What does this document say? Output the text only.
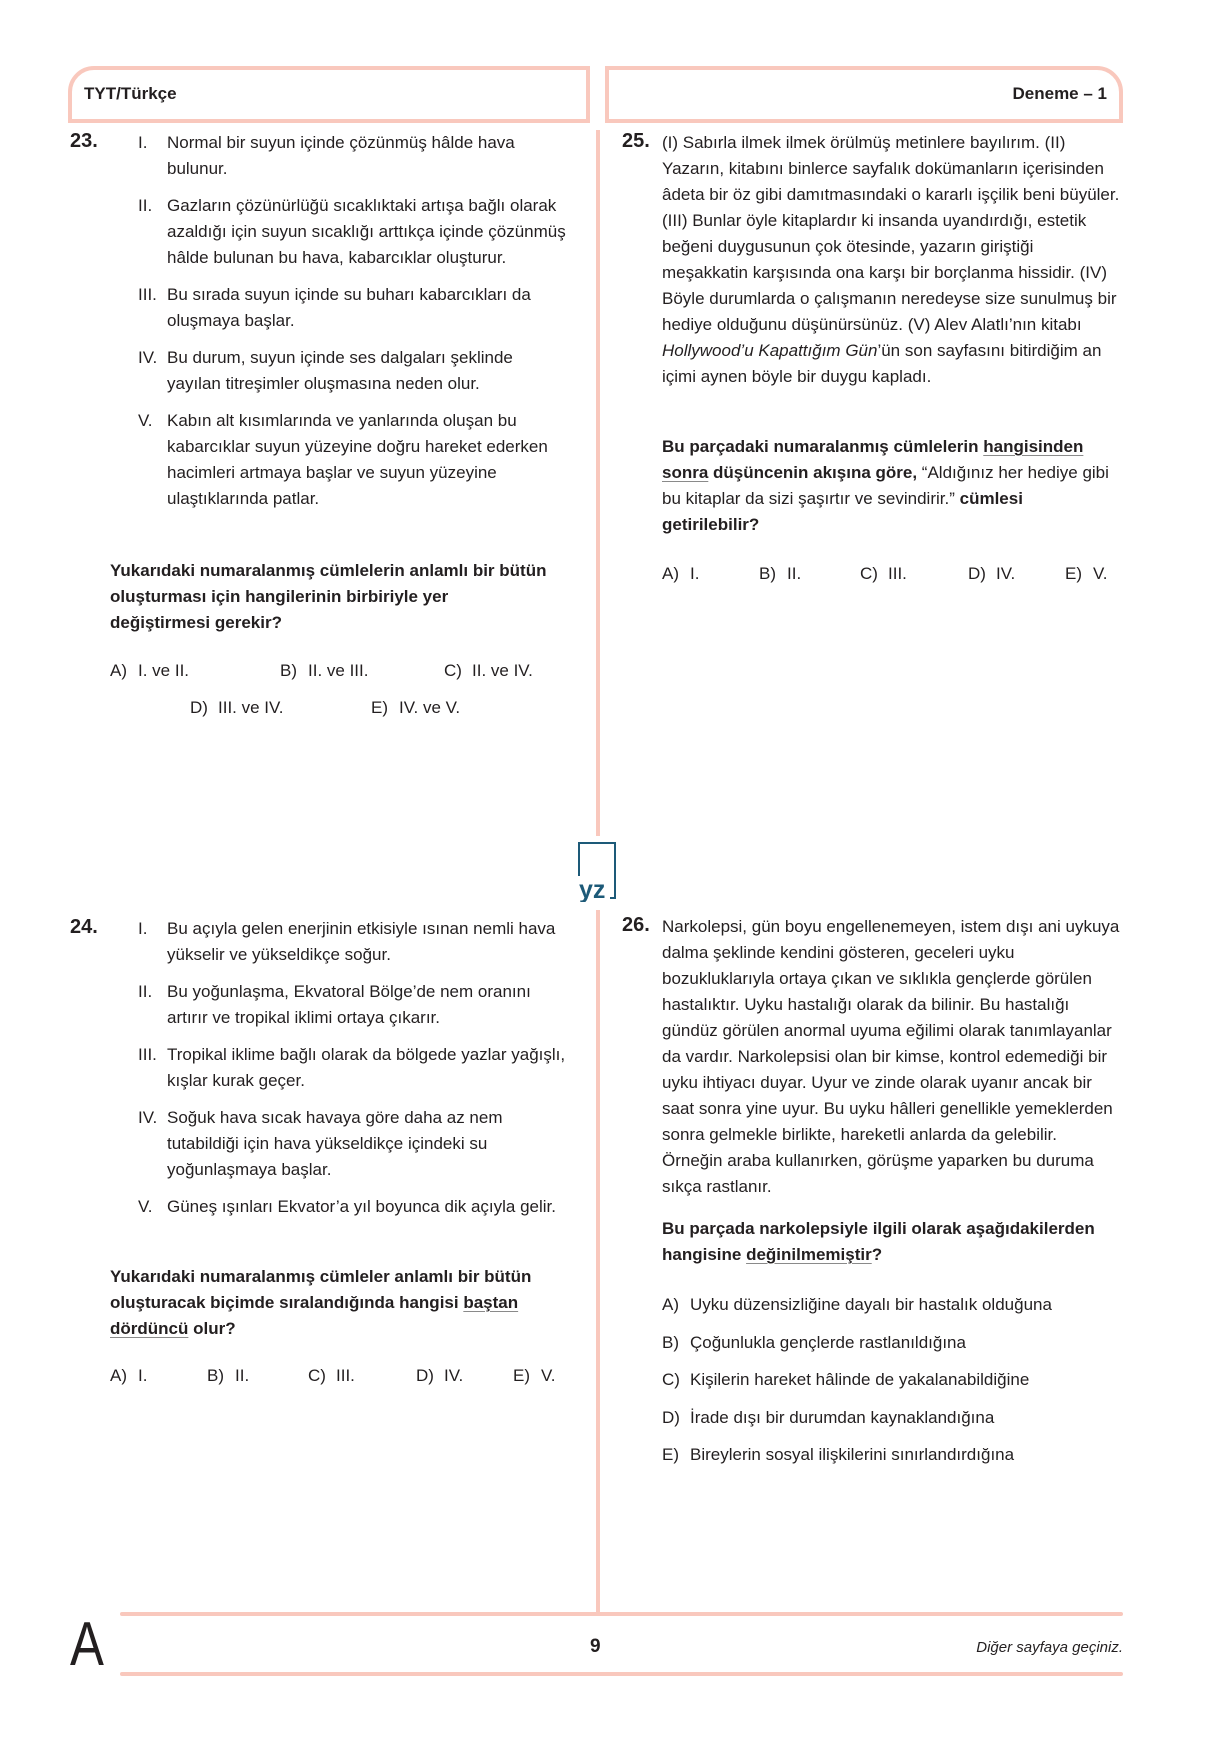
TYT/Türkçe	Deneme – 1
yz
23. I. Normal bir suyun içinde çözünmüş hâlde hava bulunur.
II. Gazların çözünürlüğü sıcaklıktaki artışa bağlı olarak azaldığı için suyun sıcaklığı arttıkça içinde çözünmüş hâlde bulunan bu hava, kabarcıklar oluşturur.
III. Bu sırada suyun içinde su buharı kabarcıkları da oluşmaya başlar.
IV. Bu durum, suyun içinde ses dalgaları şeklinde yayılan titreşimler oluşmasına neden olur.
V. Kabın alt kısımlarında ve yanlarında oluşan bu kabarcıklar suyun yüzeyine doğru hareket ederken hacimleri artmaya başlar ve suyun yüzeyine ulaştıklarında patlar.
Yukarıdaki numaralanmış cümlelerin anlamlı bir bütün oluşturması için hangilerinin birbiriyle yer değiştirmesi gerekir?
A) I. ve II.	B) II. ve III.	C) II. ve IV.
D) III. ve IV.	E) IV. ve V.
25. (I) Sabırla ilmek ilmek örülmüş metinlere bayılırım. (II) Yazarın, kitabını binlerce sayfalık dokümanların içerisinden âdeta bir öz gibi damıtmasındaki o kararlı işçilik beni büyüler. (III) Bunlar öyle kitaplardır ki insanda uyandırdığı, estetik beğeni duygusunun çok ötesinde, yazarın giriştiği meşakkatin karşısında ona karşı bir borçlanma hissidir. (IV) Böyle durumlarda o çalışmanın neredeyse size sunulmuş bir hediye olduğunu düşünürsünüz. (V) Alev Alatlı’nın kitabı Hollywood’u Kapattığım Gün’ün son sayfasını bitirdiğim an içimi aynen böyle bir duygu kapladı.
Bu parçadaki numaralanmış cümlelerin hangisinden sonra düşüncenin akışına göre, “Aldığınız her hediye gibi bu kitaplar da sizi şaşırtır ve sevindirir.” cümlesi getirilebilir?
A) I.	B) II.	C) III.	D) IV.	E) V.
24. I. Bu açıyla gelen enerjinin etkisiyle ısınan nemli hava yükselir ve yükseldikçe soğur.
II. Bu yoğunlaşma, Ekvatoral Bölge’de nem oranını artırır ve tropikal iklimi ortaya çıkarır.
III. Tropikal iklime bağlı olarak da bölgede yazlar yağışlı, kışlar kurak geçer.
IV. Soğuk hava sıcak havaya göre daha az nem tutabildiği için hava yükseldikçe içindeki su yoğunlaşmaya başlar.
V. Güneş ışınları Ekvator’a yıl boyunca dik açıyla gelir.
Yukarıdaki numaralanmış cümleler anlamlı bir bütün oluşturacak biçimde sıralandığında hangisi baştan dördüncü olur?
A) I.	B) II.	C) III.	D) IV.	E) V.
26. Narkolepsi, gün boyu engellenemeyen, istem dışı ani uykuya dalma şeklinde kendini gösteren, geceleri uyku bozukluklarıyla ortaya çıkan ve sıklıkla gençlerde görülen hastalıktır. Uyku hastalığı olarak da bilinir. Bu hastalığı gündüz görülen anormal uyuma eğilimi olarak tanımlayanlar da vardır. Narkolepsisi olan bir kimse, kontrol edemediği bir uyku ihtiyacı duyar. Uyur ve zinde olarak uyanır ancak bir saat sonra yine uyur. Bu uyku hâlleri genellikle yemeklerden sonra gelmekle birlikte, hareketli anlarda da gelebilir. Örneğin araba kullanırken, görüşme yaparken bu duruma sıkça rastlanır.
Bu parçada narkolepsiyle ilgili olarak aşağıdakilerden hangisine değinilmemiştir?
A) Uyku düzensizliğine dayalı bir hastalık olduğuna
B) Çoğunlukla gençlerde rastlanıldığına
C) Kişilerin hareket hâlinde de yakalanabildiğine
D) İrade dışı bir durumdan kaynaklandığına
E) Bireylerin sosyal ilişkilerini sınırlandırdığına
A	9	Diğer sayfaya geçiniz.
